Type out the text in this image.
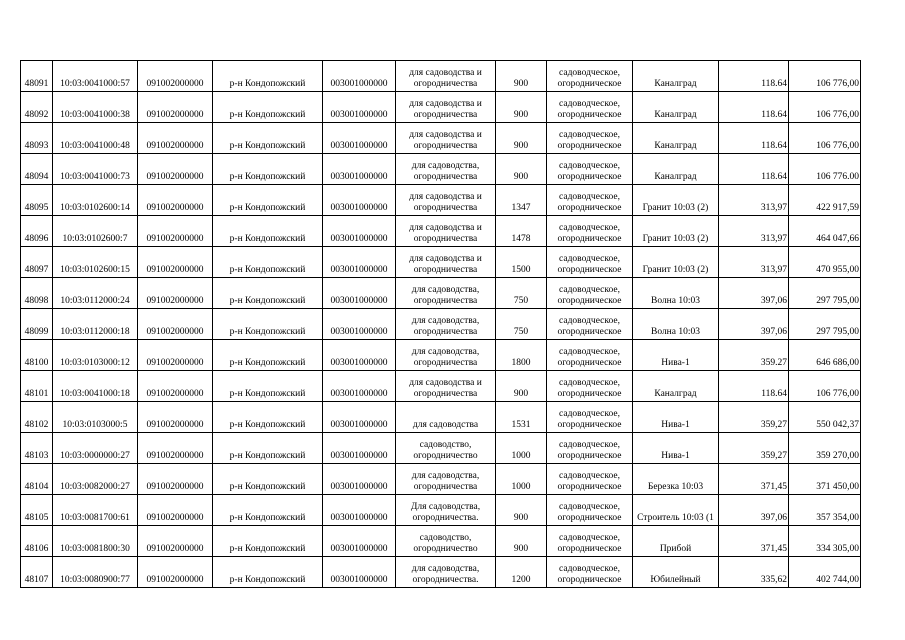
48091	10:03:0041000:57	091002000000	р-н Кондопожский	003001000000	для садоводства и
огородничества	900	садоводческое,
огородническое	Каналград	118.64	106 776,00
48092	10:03:0041000:38	091002000000	р-н Кондопожский	003001000000	для садоводства и
огородничества	900	садоводческое,
огородническое	Каналград	118.64	106 776,00
48093	10:03:0041000:48	091002000000	р-н Кондопожский	003001000000	для садоводства и
огородничества	900	садоводческое,
огородническое	Каналград	118.64	106 776,00
48094	10:03:0041000:73	091002000000	р-н Кондопожский	003001000000	для садоводства,
огородничества	900	садоводческое,
огородническое	Каналград	118.64	106 776.00
48095	10:03:0102600:14	091002000000	р-н Кондопожский	003001000000	для садоводства и
огородничества	1347	садоводческое,
огородническое	Гранит 10:03 (2)	313,97	422 917,59
48096	10:03:0102600:7	091002000000	р-н Кондопожский	003001000000	для садоводства и
огородничества	1478	садоводческое,
огородническое	Гранит 10:03 (2)	313,97	464 047,66
48097	10:03:0102600:15	091002000000	р-н Кондопожский	003001000000	для садоводства и
огородничества	1500	садоводческое,
огородническое	Гранит 10:03 (2)	313,97	470 955,00
48098	10:03:0112000:24	091002000000	р-н Кондопожский	003001000000	для садоводства,
огородничества	750	садоводческое,
огородническое	Волна 10:03	397,06	297 795,00
48099	10:03:0112000:18	091002000000	р-н Кондопожский	003001000000	для садоводства,
огородничества	750	садоводческое,
огородническое	Волна 10:03	397,06	297 795,00
48100	10:03:0103000:12	091002000000	р-н Кондопожский	003001000000	для садоводства,
огородничества	1800	садоводческое,
огородническое	Нива-1	359.27	646 686,00
48101	10:03:0041000:18	091002000000	р-н Кондопожский	003001000000	для садоводства и
огородничества	900	садоводческое,
огородническое	Каналград	118.64	106 776,00
48102	10:03:0103000:5	091002000000	р-н Кондопожский	003001000000	для садоводства	1531	садоводческое,
огородническое	Нива-1	359,27	550 042,37
48103	10:03:0000000:27	091002000000	р-н Кондопожский	003001000000	садоводство,
огородничество	1000	садоводческое,
огородническое	Нива-1	359,27	359 270,00
48104	10:03:0082000:27	091002000000	р-н Кондопожский	003001000000	для садоводства,
огородничества	1000	садоводческое,
огородническое	Березка 10:03	371,45	371 450,00
48105	10:03:0081700:61	091002000000	р-н Кондопожский	003001000000	Для садоводства,
огородничества.	900	садоводческое,
огородническое	Строитель 10:03 (1	397,06	357 354,00
48106	10:03:0081800:30	091002000000	р-н Кондопожский	003001000000	садоводство,
огородничество	900	садоводческое,
огородническое	Прибой	371,45	334 305,00
48107	10:03:0080900:77	091002000000	р-н Кондопожский	003001000000	для садоводства,
огородничества.	1200	садоводческое,
огородническое	Юбилейный	335,62	402 744,00
